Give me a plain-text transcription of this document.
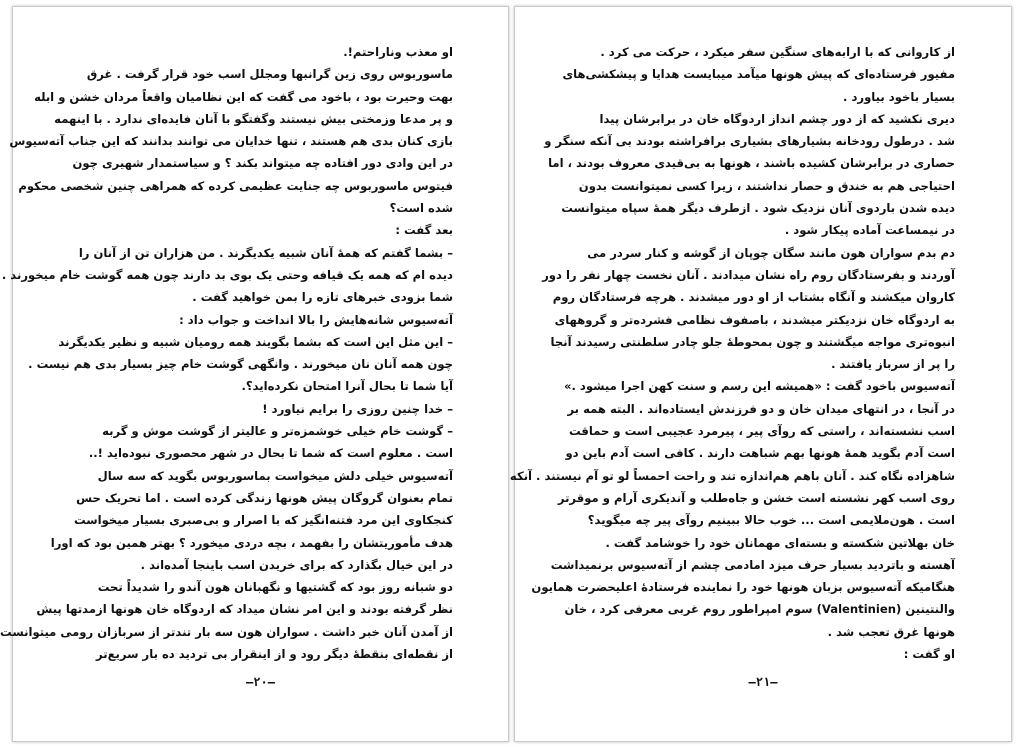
او معذب وناراحتم!.
ماسوربوس روی زین گرانبها ومجلل اسب خود قرار گرفت . غرق
بهت وحیرت بود ، باخود می گفت که این نظامیان واقعاً مردان خشن و ابله
و پر مدعا وزمختی بیش نیستند وگفتگو با آنان فایده‌ای ندارد . با اینهمه
بازی کنان بدی هم هستند ، تنها خدایان می توانند بدانند که این جناب آته‌سیوس
در این وادی دور افتاده چه میتواند بکند ؟ و سیاستمدار شهیری چون
فیتوس ماسوربوس چه جنایت عظیمی کرده که همراهی چنین شخصی محکوم
شده است؟
بعد گفت :
– بشما گفتم که همهٔ آنان شبیه یکدیگرند . من هزاران تن از آنان را
دیده ام که همه یک قیافه وحتی یک بوی بد دارند چون همه گوشت خام میخورند .
شما بزودی خبرهای تازه را بمن خواهید گفت .
آته‌سیوس شانه‌هایش را بالا انداخت و جواب داد :
– این مثل این است که بشما بگویند همه رومیان شبیه و نظیر یکدیگرند
چون همه آنان نان میخورند . وانگهی گوشت خام چیز بسیار بدی هم نیست .
آیا شما تا بحال آنرا امتحان نکرده‌اید؟.
– خدا چنین روزی را برایم نیاورد !
– گوشت خام خیلی خوشمزه‌تر و عالیتر از گوشت موش و گربه
است . معلوم است که شما تا بحال در شهر محصوری نبوده‌اید !..
آته‌سیوس خیلی دلش میخواست بماسوربوس بگوید که سه سال
تمام بعنوان گروگان پیش هونها زندگی کرده است . اما تحریک حس
کنجکاوی این مرد فتنه‌انگیز که با اصرار و بی‌صبری بسیار میخواست
هدف مأموریتشان را بفهمد ، بچه دردی میخورد ؟ بهتر همین بود که اورا
در این خیال بگذارد که برای خریدن اسب باینجا آمده‌اند .
دو شبانه روز بود که گشتیها و نگهبانان هون آندو را شدیداً تحت
نظر گرفته بودند و این امر نشان میداد که اردوگاه خان هونها ازمدتها پیش
از آمدن آنان خبر داشت . سواران هون سه بار تندتر از سربازان رومی میتوانست
از نقطه‌ای بنقطهٔ دیگر رود و از اینقرار بی تردید ده بار سریع‌تر
–٢٠–
از کاروانی که با ارابه‌های سنگین سفر میکرد ، حرکت می کرد .
مفیور فرستاده‌ای که پیش هونها میآمد میبایست هدایا و پیشکشی‌های
بسیار باخود بیاورد .
دیری نکشید که از دور چشم انداز اردوگاه خان در برابرشان پیدا
شد . درطول رودخانه بشیارهای بشیاری برافراشته بودند بی آنکه سنگر و
حصاری در برابرشان کشیده باشند ، هونها به بی‌قیدی معروف بودند ، اما
احتیاجی هم به خندق و حصار نداشتند ، زیرا کسی نمیتوانست بدون
دیده شدن باردوی آنان نزدیک شود . ازطرف دیگر همهٔ سپاه میتوانست
در نیمساعت آماده پیکار شود .
دم بدم سواران هون مانند سگان چوپان از گوشه و کنار سردر می
آوردند و بفرستادگان روم راه نشان میدادند . آنان نخست چهار نفر را دور
کاروان میکشند و آنگاه بشتاب از او دور میشدند . هرچه فرستادگان روم
به اردوگاه خان نزدیکتر میشدند ، باصفوف نظامی فشرده‌تر و گروههای
انبوه‌تری مواجه میگشتند و چون بمحوطهٔ جلو چادر سلطنتی رسیدند آنجا
را پر از سرباز یافتند .
آته‌سیوس باخود گفت : «همیشه این رسم و سنت کهن اجرا میشود .»
در آنجا ، در انتهای میدان خان و دو فرزندش ایستاده‌اند . البته همه بر
اسب نشسته‌اند ، راستی که روآی پیر ، پیرمرد عجیبی است و حماقت
است آدم بگوید همهٔ هونها بهم شباهت دارند . کافی است آدم باین دو
شاهزاده نگاه کند . آنان باهم هم‌اندازه تند و راحت احمساً لو تو آم نیستند . آنکه
روی اسب کهر نشسته است خشن و جاه‌طلب و آندیکری آرام و موقرتر
است . هون‌ملایمی است ... خوب حالا ببینیم روآی پیر چه میگوید؟
خان بهلاتین شکسته و بسته‌ای مهمانان خود را خوشامد گفت .
آهسته و باتردید بسیار حرف میزد امادمی چشم از آته‌سیوس برنمیداشت
هنگامیکه آته‌سیوس بزبان هونها خود را نماینده فرستادهٔ اعلیحضرت همایون
والنتینین (Valentinien) سوم امپراطور روم غربی معرفی کرد ، خان
هونها غرق تعجب شد .
او گفت :
–٢١–
